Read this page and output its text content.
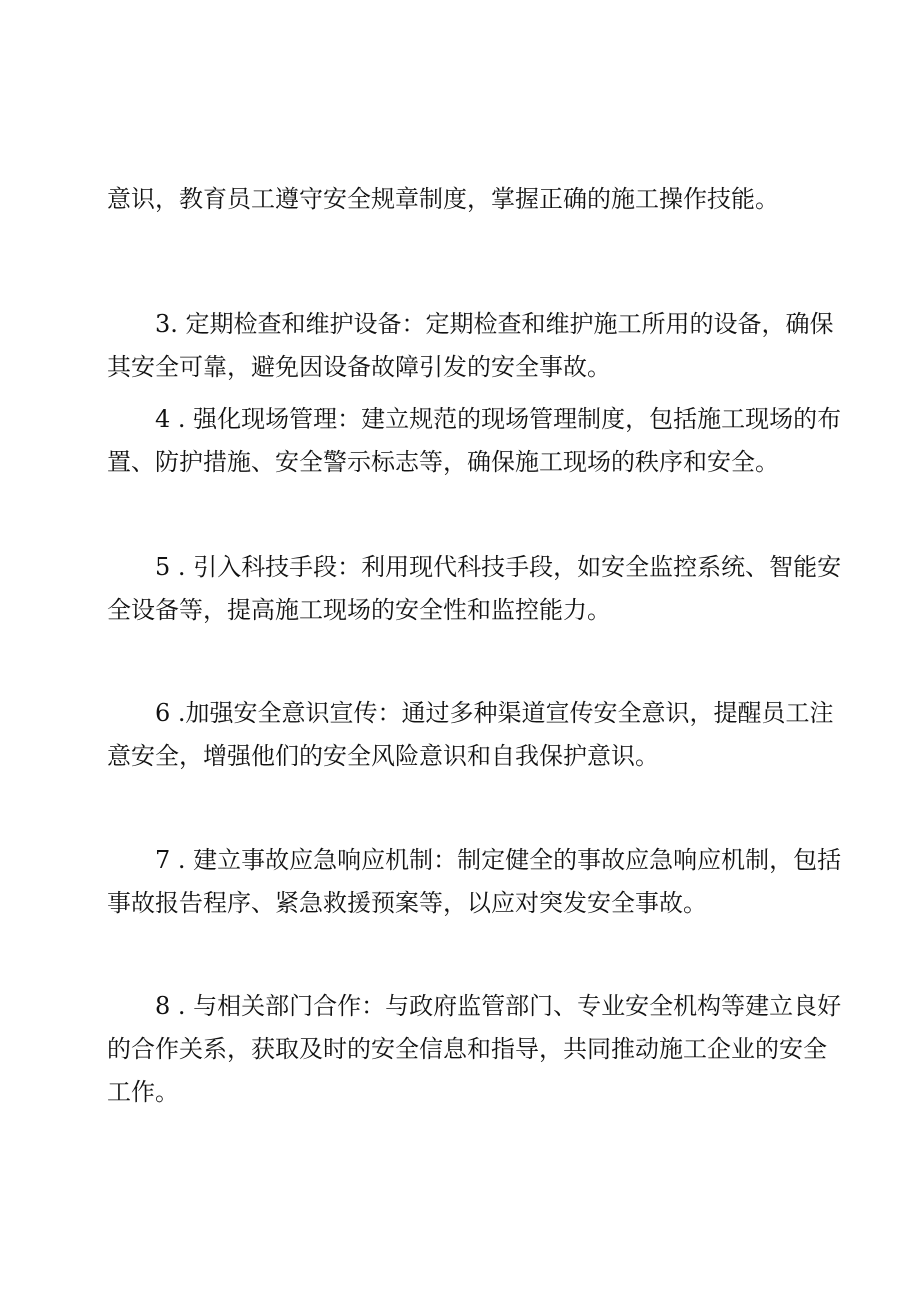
意识，教育员工遵守安全规章制度，掌握正确的施工操作技能。
3. 定期检查和维护设备：定期检查和维护施工所用的设备，确保
其安全可靠，避免因设备故障引发的安全事故。
4 . 强化现场管理：建立规范的现场管理制度，包括施工现场的布
置、防护措施、安全警示标志等，确保施工现场的秩序和安全。
5 . 引入科技手段：利用现代科技手段，如安全监控系统、智能安
全设备等，提高施工现场的安全性和监控能力。
6 .加强安全意识宣传：通过多种渠道宣传安全意识，提醒员工注
意安全，增强他们的安全风险意识和自我保护意识。
7 . 建立事故应急响应机制：制定健全的事故应急响应机制，包括
事故报告程序、紧急救援预案等，以应对突发安全事故。
8 . 与相关部门合作：与政府监管部门、专业安全机构等建立良好
的合作关系，获取及时的安全信息和指导，共同推动施工企业的安全
工作。
